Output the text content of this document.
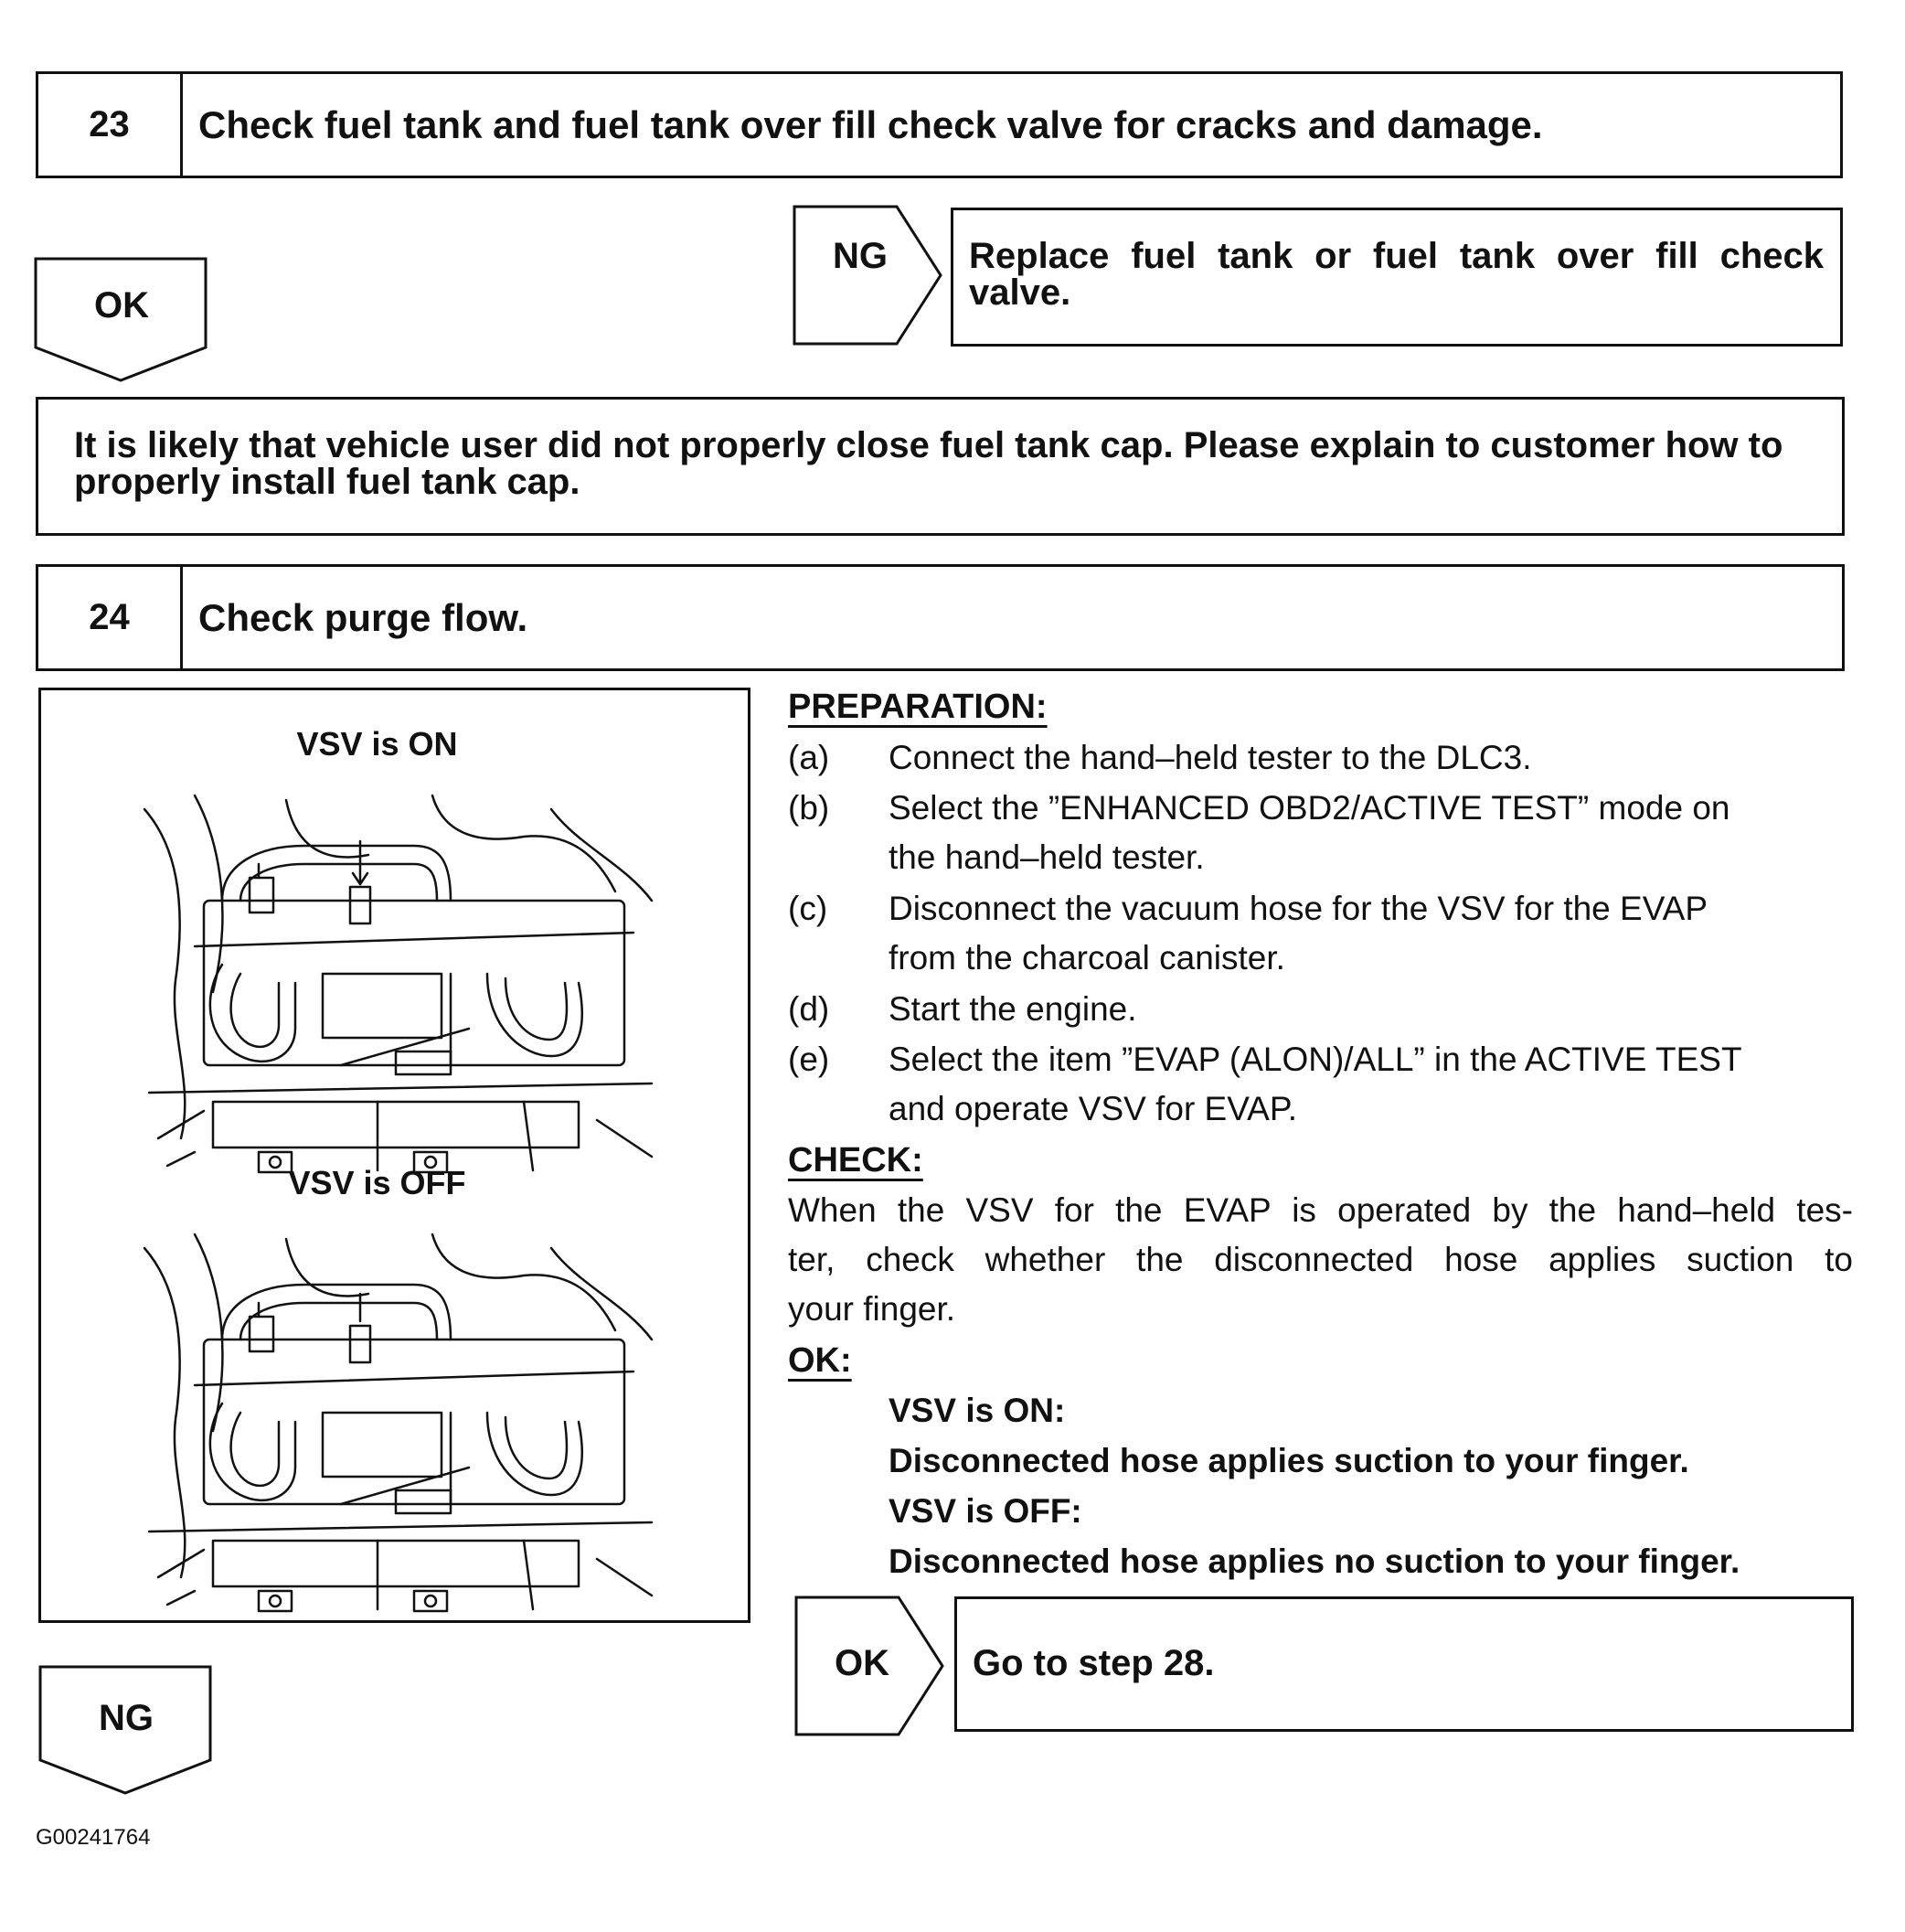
23	Check fuel tank and fuel tank over fill check valve for cracks and damage.
OK
NG	Replace fuel tank or fuel tank over fill check valve.
It is likely that vehicle user did not properly close fuel tank cap. Please explain to customer how to properly install fuel tank cap.
24	Check purge flow.
VSV is ON
VSV is OFF
PREPARATION:
(a) Connect the hand–held tester to the DLC3.
(b) Select the ”ENHANCED OBD2/ACTIVE TEST” mode on
the hand–held tester.
(c) Disconnect the vacuum hose for the VSV for the EVAP
from the charcoal canister.
(d) Start the engine.
(e) Select the item ”EVAP (ALON)/ALL” in the ACTIVE TEST
and operate VSV for EVAP.
CHECK:
When the VSV for the EVAP is operated by the hand–held tes-
ter, check whether the disconnected hose applies suction to
your finger.
OK:
VSV is ON:
Disconnected hose applies suction to your finger.
VSV is OFF:
Disconnected hose applies no suction to your finger.
OK	Go to step 28.
NG
G00241764
